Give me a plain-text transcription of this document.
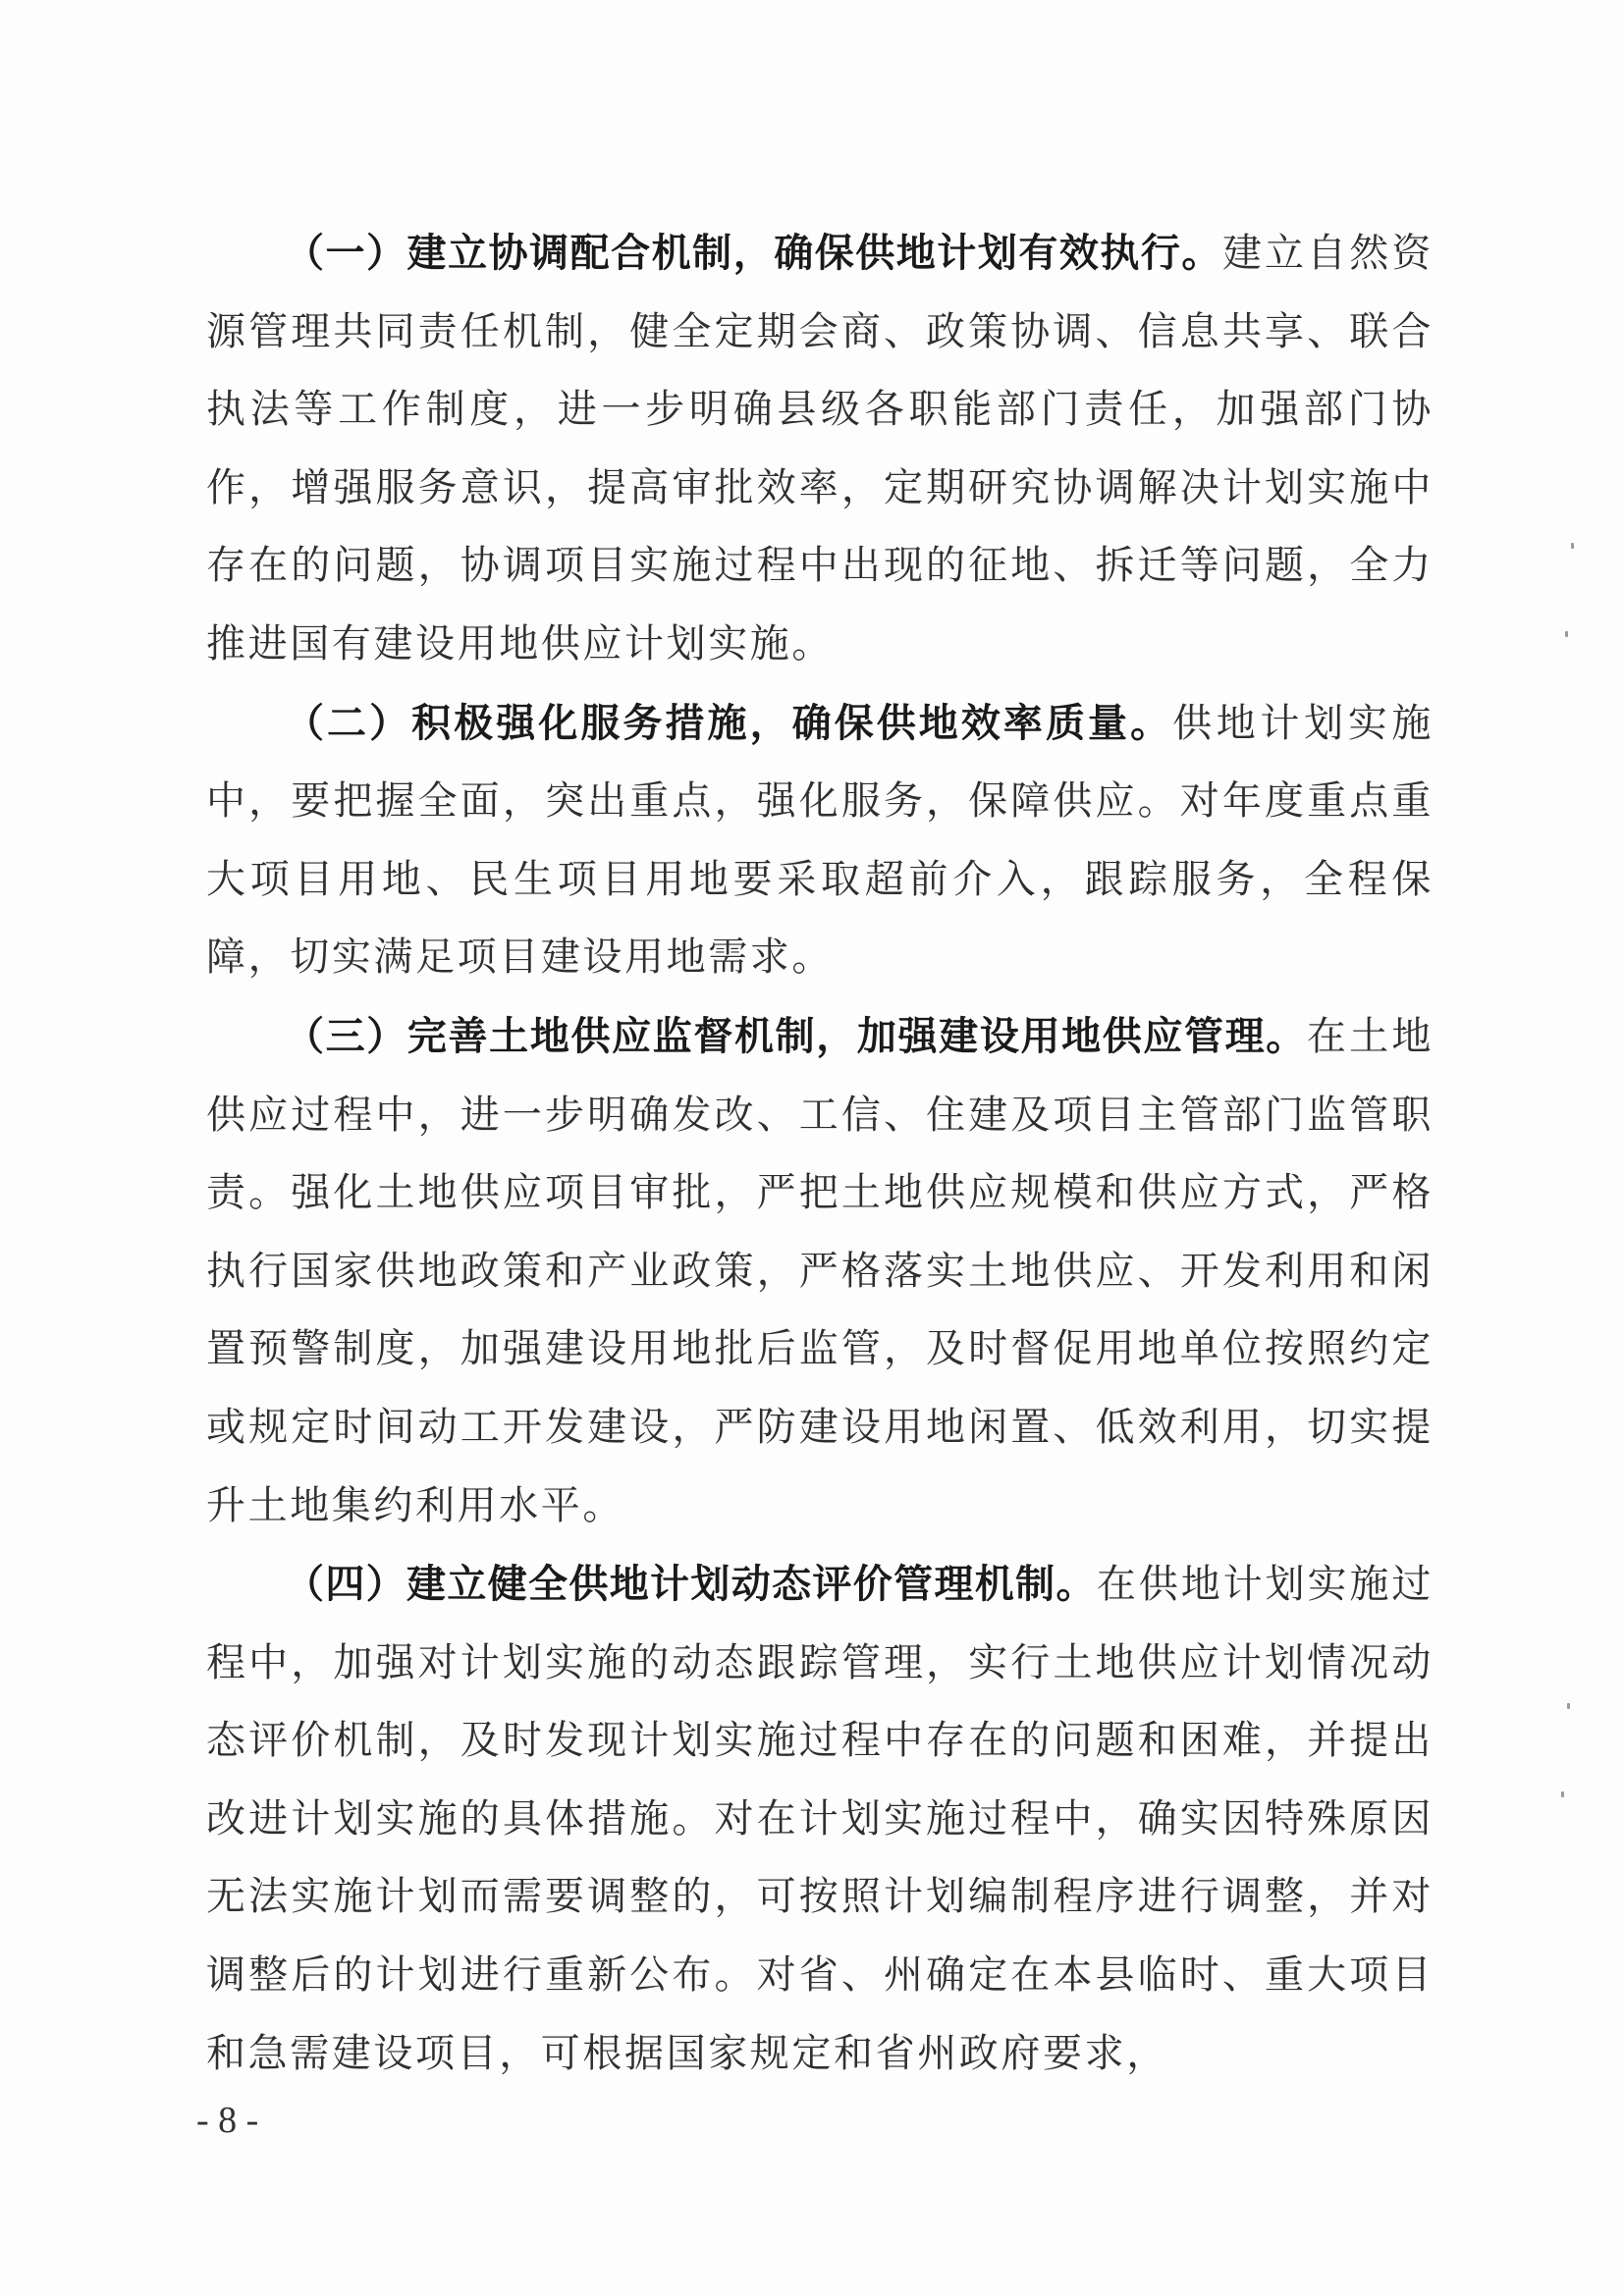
（一）建立协调配合机制，确保供地计划有效执行。建立自然资源管理共同责任机制，健全定期会商、政策协调、信息共享、联合执法等工作制度，进一步明确县级各职能部门责任，加强部门协作，增强服务意识，提高审批效率，定期研究协调解决计划实施中存在的问题，协调项目实施过程中出现的征地、拆迁等问题，全力推进国有建设用地供应计划实施。

（二）积极强化服务措施，确保供地效率质量。供地计划实施中，要把握全面，突出重点，强化服务，保障供应。对年度重点重大项目用地、民生项目用地要采取超前介入，跟踪服务，全程保障，切实满足项目建设用地需求。

（三）完善土地供应监督机制，加强建设用地供应管理。在土地供应过程中，进一步明确发改、工信、住建及项目主管部门监管职责。强化土地供应项目审批，严把土地供应规模和供应方式，严格执行国家供地政策和产业政策，严格落实土地供应、开发利用和闲置预警制度，加强建设用地批后监管，及时督促用地单位按照约定或规定时间动工开发建设，严防建设用地闲置、低效利用，切实提升土地集约利用水平。

（四）建立健全供地计划动态评价管理机制。在供地计划实施过程中，加强对计划实施的动态跟踪管理，实行土地供应计划情况动态评价机制，及时发现计划实施过程中存在的问题和困难，并提出改进计划实施的具体措施。对在计划实施过程中，确实因特殊原因无法实施计划而需要调整的，可按照计划编制程序进行调整，并对调整后的计划进行重新公布。对省、州确定在本县临时、重大项目和急需建设项目，可根据国家规定和省州政府要求，

- 8 -
